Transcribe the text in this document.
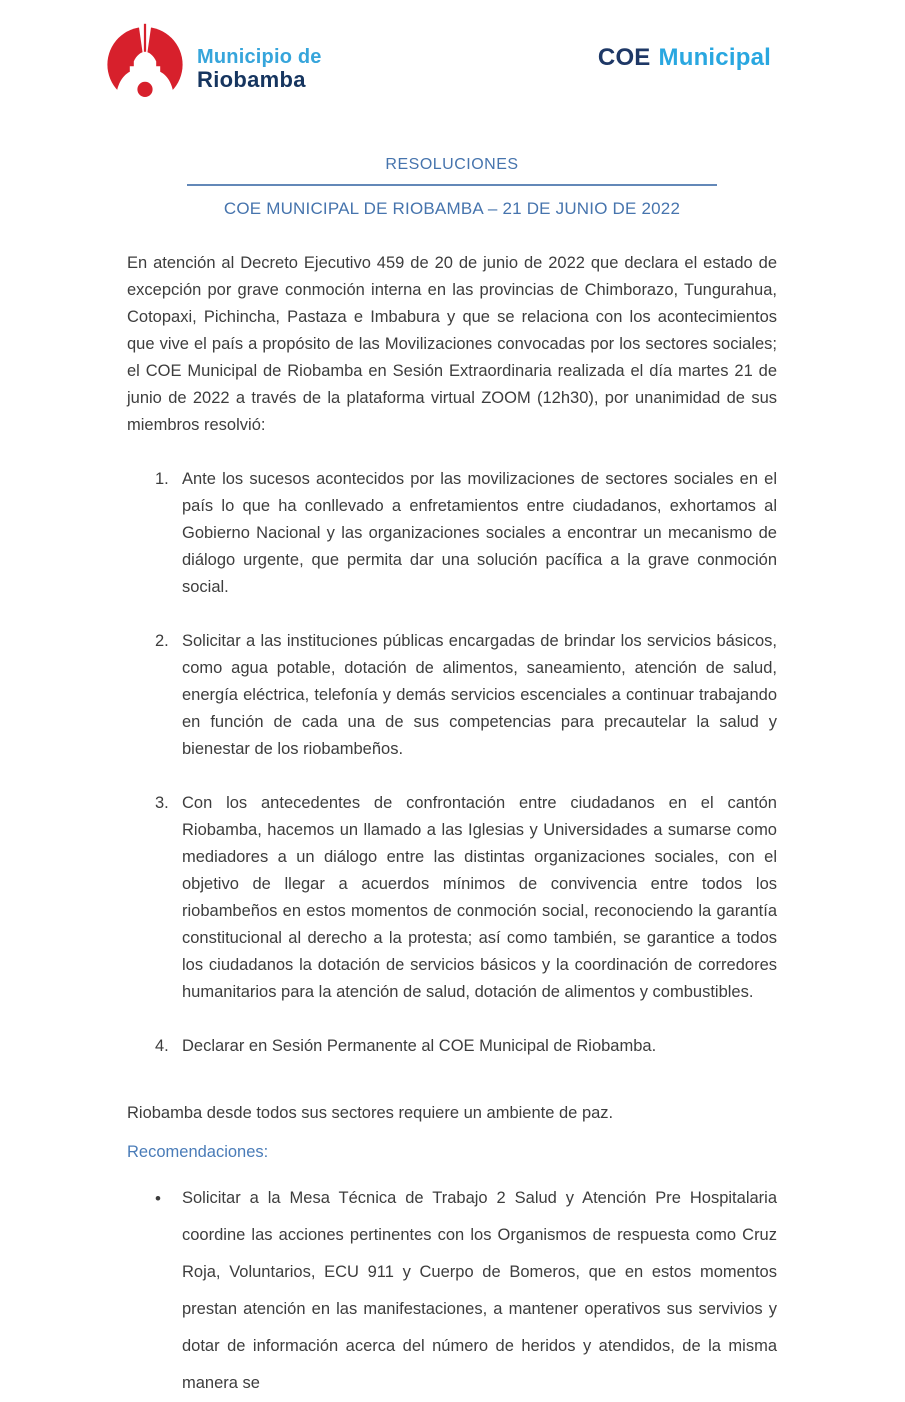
Municipio de
Riobamba
COE Municipal
RESOLUCIONES
COE MUNICIPAL DE RIOBAMBA – 21 DE JUNIO DE 2022

En atención al Decreto Ejecutivo 459 de 20 de junio de 2022 que declara el estado de excepción por grave conmoción interna en las provincias de Chimborazo, Tungurahua, Cotopaxi, Pichincha, Pastaza e Imbabura y que se relaciona con los acontecimientos que vive el país a propósito de las Movilizaciones convocadas por los sectores sociales; el COE Municipal de Riobamba en Sesión Extraordinaria realizada el día martes 21 de junio de 2022 a través de la plataforma virtual ZOOM (12h30), por unanimidad de sus miembros resolvió:

1. Ante los sucesos acontecidos por las movilizaciones de sectores sociales en el país lo que ha conllevado a enfretamientos entre ciudadanos, exhortamos al Gobierno Nacional y las organizaciones sociales a encontrar un mecanismo de diálogo urgente, que permita dar una solución pacífica a la grave conmoción social.
2. Solicitar a las instituciones públicas encargadas de brindar los servicios básicos, como agua potable, dotación de alimentos, saneamiento, atención de salud, energía eléctrica, telefonía y demás servicios escenciales a continuar trabajando en función de cada una de sus competencias para precautelar la salud y bienestar de los riobambeños.
3. Con los antecedentes de confrontación entre ciudadanos en el cantón Riobamba, hacemos un llamado a las Iglesias y Universidades a sumarse como mediadores a un diálogo entre las distintas organizaciones sociales, con el objetivo de llegar a acuerdos mínimos de convivencia entre todos los riobambeños en estos momentos de conmoción social, reconociendo la garantía constitucional al derecho a la protesta; así como también, se garantice a todos los ciudadanos la dotación de servicios básicos y la coordinación de corredores humanitarios para la atención de salud, dotación de alimentos y combustibles.
4. Declarar en Sesión Permanente al COE Municipal de Riobamba.

Riobamba desde todos sus sectores requiere un ambiente de paz.

Recomendaciones:
•	Solicitar a la Mesa Técnica de Trabajo 2 Salud y Atención Pre Hospitalaria coordine las acciones pertinentes con los Organismos de respuesta como Cruz Roja, Voluntarios, ECU 911 y Cuerpo de Bomeros, que en estos momentos prestan atención en las manifestaciones, a mantener operativos sus servivios y dotar de información acerca del número de heridos y atendidos, de la misma manera se
